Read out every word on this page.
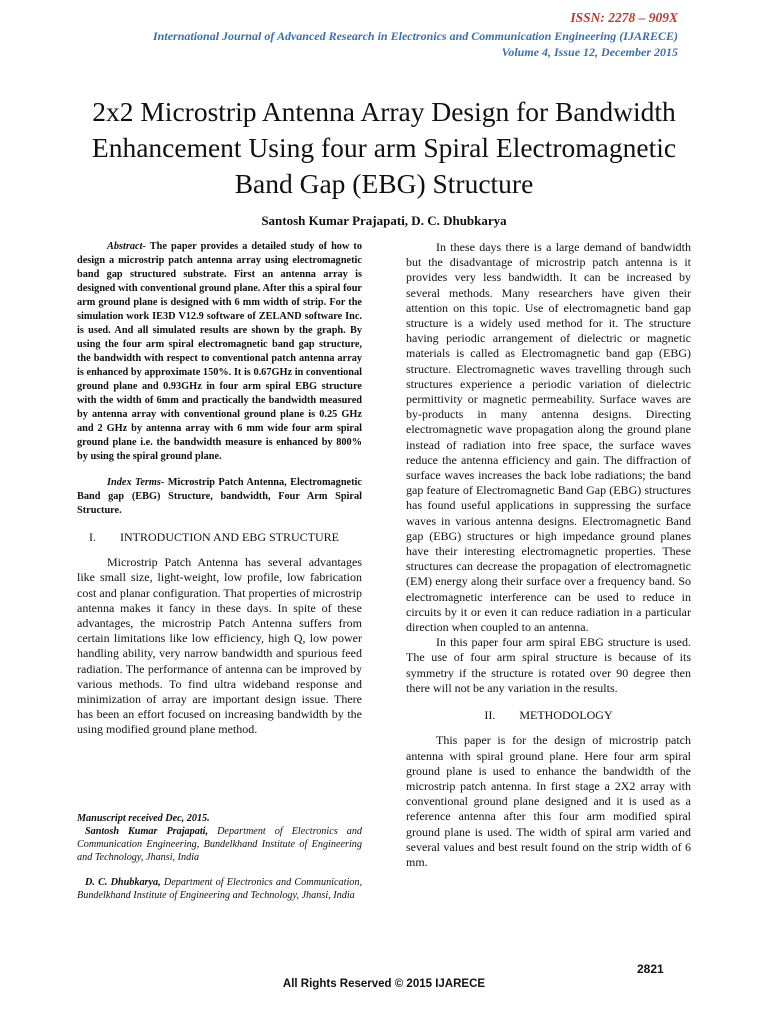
ISSN: 2278 – 909X
International Journal of Advanced Research in Electronics and Communication Engineering (IJARECE)
Volume 4, Issue 12, December 2015
2x2 Microstrip Antenna Array Design for Bandwidth Enhancement Using four arm Spiral Electromagnetic Band Gap (EBG) Structure
Santosh Kumar Prajapati, D. C. Dhubkarya

Abstract- The paper provides a detailed study of how to design a microstrip patch antenna array using electromagnetic band gap structured substrate. First an antenna array is designed with conventional ground plane. After this a spiral four arm ground plane is designed with 6 mm width of strip. For the simulation work IE3D V12.9 software of ZELAND software Inc. is used. And all simulated results are shown by the graph. By using the four arm spiral electromagnetic band gap structure, the bandwidth with respect to conventional patch antenna array is enhanced by approximate 150%. It is 0.67GHz in conventional ground plane and 0.93GHz in four arm spiral EBG structure with the width of 6mm and practically the bandwidth measured by antenna array with conventional ground plane is 0.25 GHz and 2 GHz by antenna array with 6 mm wide four arm spiral ground plane i.e. the bandwidth measure is enhanced by 800% by using the spiral ground plane.

Index Terms- Microstrip Patch Antenna, Electromagnetic Band gap (EBG) Structure, bandwidth, Four Arm Spiral Structure.

I.        INTRODUCTION AND EBG STRUCTURE

Microstrip Patch Antenna has several advantages like small size, light-weight, low profile, low fabrication cost and planar configuration. That properties of microstrip antenna makes it fancy in these days. In spite of these advantages, the microstrip Patch Antenna suffers from certain limitations like low efficiency, high Q, low power handling ability, very narrow bandwidth and spurious feed radiation. The performance of antenna can be improved by various methods. To find ultra wideband response and minimization of array are important design issue. There has been an effort focused on increasing bandwidth by the using modified ground plane method.

Manuscript received Dec, 2015.

Santosh Kumar Prajapati, Department of Electronics and Communication Engineering, Bundelkhand Institute of Engineering and Technology, Jhansi, India

D. C. Dhubkarya, Department of Electronics and Communication, Bundelkhand Institute of Engineering and Technology, Jhansi, India

In these days there is a large demand of bandwidth but the disadvantage of microstrip patch antenna is it provides very less bandwidth. It can be increased by several methods. Many researchers have given their attention on this topic. Use of electromagnetic band gap structure is a widely used method for it. The structure having periodic arrangement of dielectric or magnetic materials is called as Electromagnetic band gap (EBG) structure. Electromagnetic waves travelling through such structures experience a periodic variation of dielectric permittivity or magnetic permeability. Surface waves are by-products in many antenna designs. Directing electromagnetic wave propagation along the ground plane instead of radiation into free space, the surface waves reduce the antenna efficiency and gain. The diffraction of surface waves increases the back lobe radiations; the band gap feature of Electromagnetic Band Gap (EBG) structures has found useful applications in suppressing the surface waves in various antenna designs. Electromagnetic Band gap (EBG) structures or high impedance ground planes have their interesting electromagnetic properties. These structures can decrease the propagation of electromagnetic (EM) energy along their surface over a frequency band. So electromagnetic interference can be used to reduce in circuits by it or even it can reduce radiation in a particular direction when coupled to an antenna.

In this paper four arm spiral EBG structure is used. The use of four arm spiral structure is because of its symmetry if the structure is rotated over 90 degree then there will not be any variation in the results.

II.        METHODOLOGY

This paper is for the design of microstrip patch antenna with spiral ground plane. Here four arm spiral ground plane is used to enhance the bandwidth of the microstrip patch antenna. In first stage a 2X2 array with conventional ground plane designed and it is used as a reference antenna after this four arm modified spiral ground plane is used. The width of spiral arm varied and several values and best result found on the strip width of 6 mm.

2821
All Rights Reserved © 2015 IJARECE
